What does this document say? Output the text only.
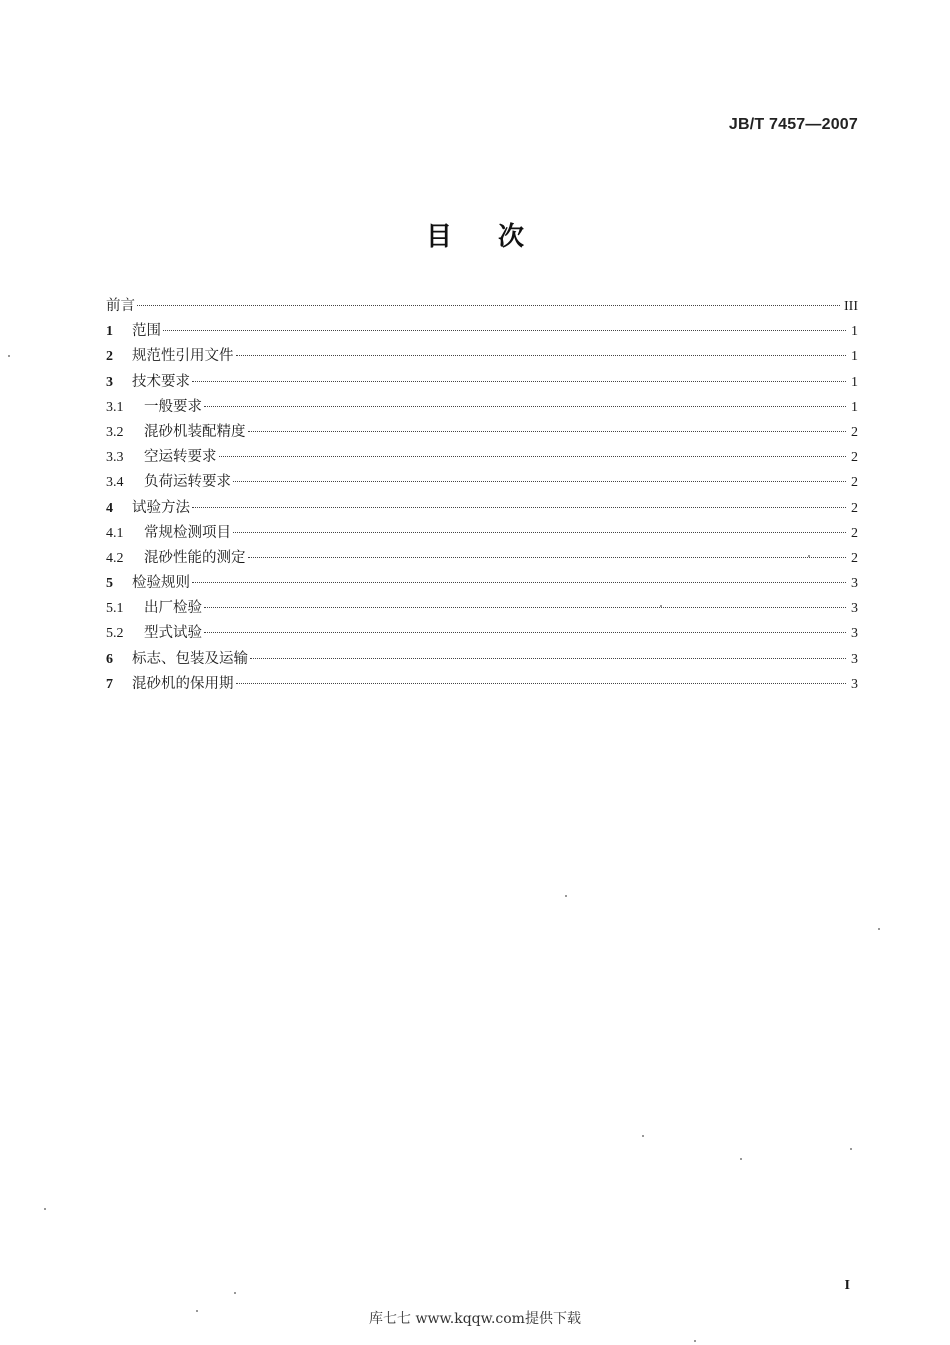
JB/T 7457—2007
目次
前言	III
1	范围	1
2	规范性引用文件	1
3	技术要求	1
3.1	一般要求	1
3.2	混砂机装配精度	2
3.3	空运转要求	2
3.4	负荷运转要求	2
4	试验方法	2
4.1	常规检测项目	2
4.2	混砂性能的测定	2
5	检验规则	3
5.1	出厂检验	3
5.2	型式试验	3
6	标志、包装及运输	3
7	混砂机的保用期	3
I
库七七 www.kqqw.com提供下载
